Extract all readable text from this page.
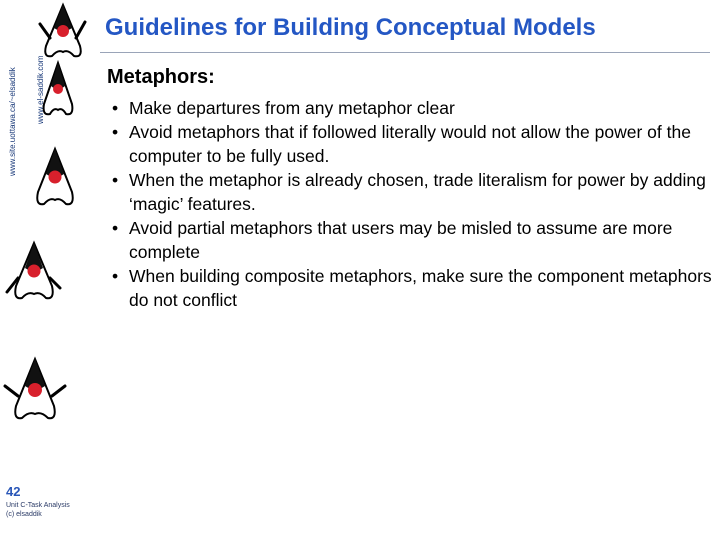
www.site.uottawa.ca/~elsaddik www.el-saddik.com
42
Unit C-Task Analysis
(c) elsaddik
Guidelines for Building Conceptual Models
Metaphors:
• Make departures from any metaphor clear
• Avoid metaphors that if followed literally would not allow the power of the computer to be fully used.
• When the metaphor is already chosen, trade literalism for power by adding ‘magic’ features.
• Avoid partial metaphors that users may be misled to assume are more complete
• When building composite metaphors, make sure the component metaphors do not conflict
